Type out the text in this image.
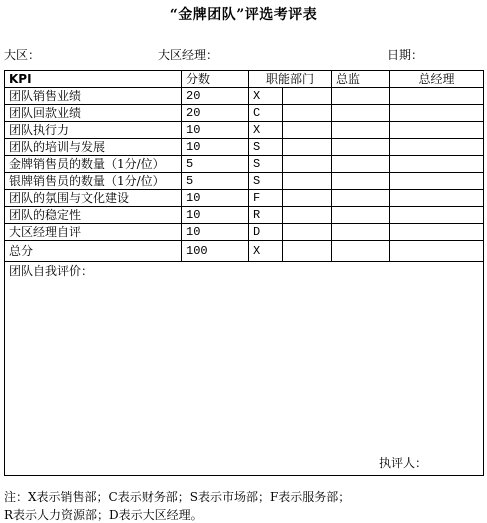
“金牌团队”评选考评表
大区：	大区经理：	日期：
KPI	分数	职能部门		总监	总经理
团队销售业绩	20	X			
团队回款业绩	20	C			
团队执行力	10	X			
团队的培训与发展	10	S			
金牌销售员的数量（1分/位）	5	S			
银牌销售员的数量（1分/位）	5	S			
团队的氛围与文化建设	10	F			
团队的稳定性	10	R			
大区经理自评	10	D			
总分	100	X			
团队自我评价：
执评人：					
注：X表示销售部；C表示财务部；S表示市场部；F表示服务部；
R表示人力资源部；D表示大区经理。
